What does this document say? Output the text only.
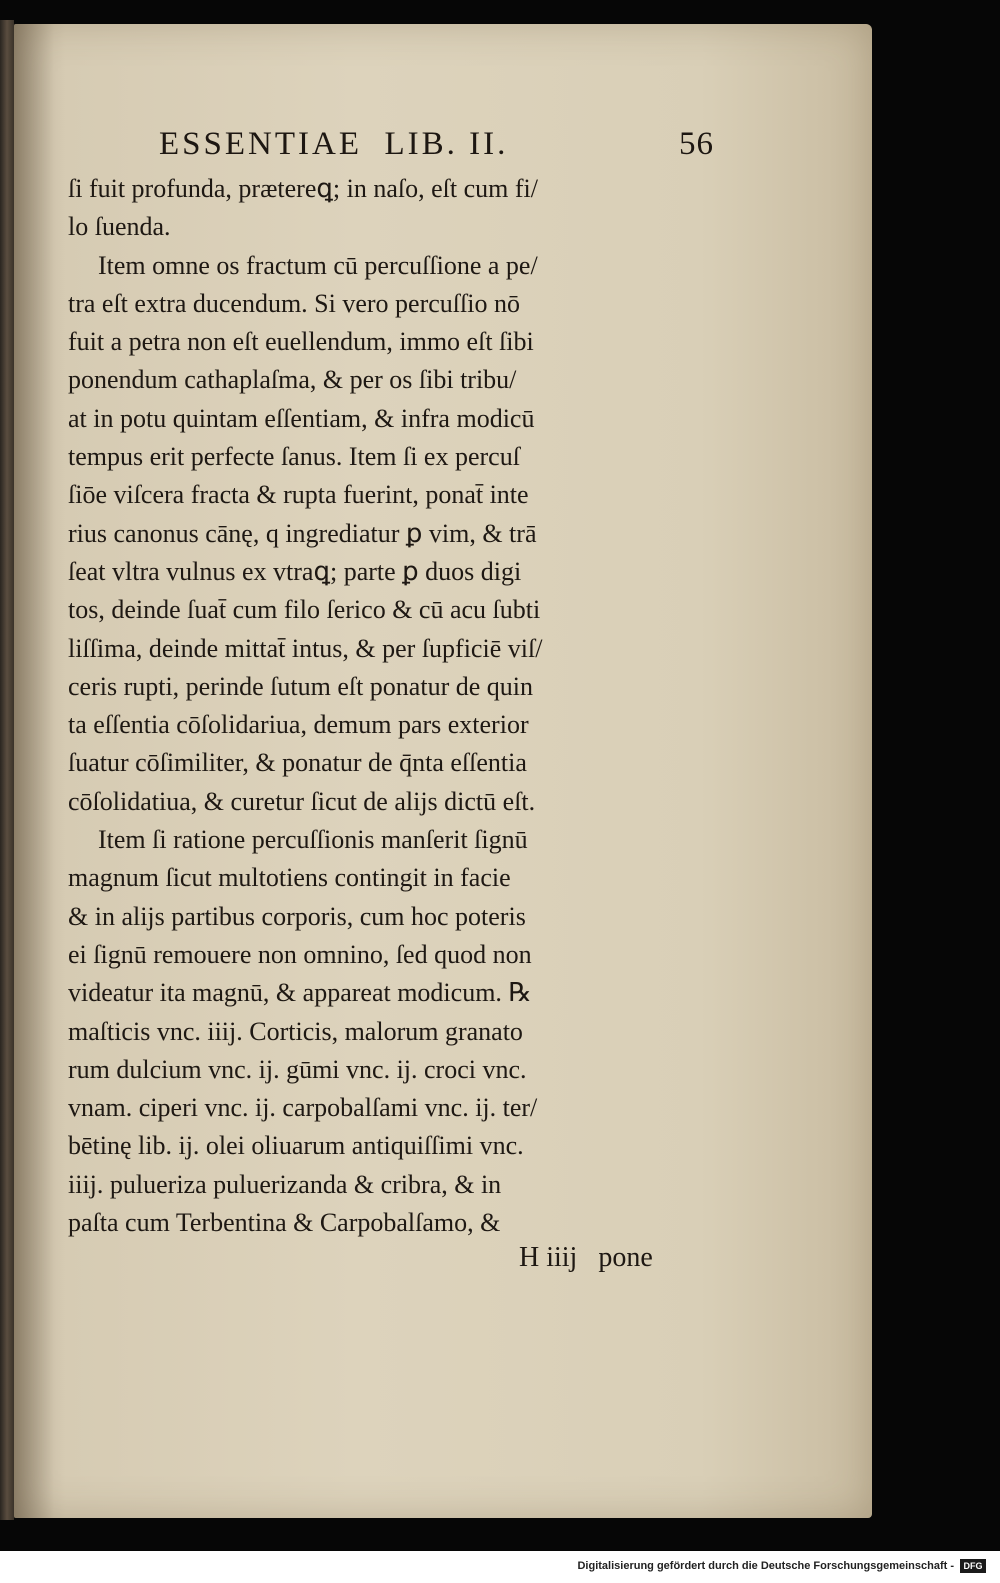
ESSENTIAE  LIB. II.	56
ſi fuit profunda, prætereꝗ; in naſo, eſt cum fi/
lo ſuenda.
Item omne os fractum cū percuſſione a pe/
tra eſt extra ducendum. Si vero percuſſio nō
fuit a petra non eſt euellendum, immo eſt ſibi
ponendum cathaplaſma, & per os ſibi tribu/
at in potu quintam eſſentiam, & infra modicū
tempus erit perfecte ſanus. Item ſi ex percuſ
ſiōe viſcera fracta & rupta fuerint, ponat̄ inte
rius canonus cānę, q ingrediatur ꝑ vim, & trā
ſeat vltra vulnus ex vtraꝗ; parte ꝑ duos digi
tos, deinde ſuat̄ cum filo ſerico & cū acu ſubti
liſſima, deinde mittat̄ intus, & per ſupficiē viſ/
ceris rupti, perinde ſutum eſt ponatur de quin
ta eſſentia cōſolidariua, demum pars exterior
ſuatur cōſimiliter, & ponatur de q̄nta eſſentia
cōſolidatiua, & curetur ſicut de alijs dictū eſt.
Item ſi ratione percuſſionis manſerit ſignū
magnum ſicut multotiens contingit in facie
& in alijs partibus corporis, cum hoc poteris
ei ſignū remouere non omnino, ſed quod non
videatur ita magnū, & appareat modicum. ℞
maſticis vnc. iiij. Corticis, malorum granato
rum dulcium vnc. ij. gūmi vnc. ij. croci vnc.
vnam. ciperi vnc. ij. carpobalſami vnc. ij. ter/
bētinę lib. ij. olei oliuarum antiquiſſimi vnc.
iiij. pulueriza puluerizanda & cribra, & in
paſta cum Terbentina & Carpobalſamo, &
H iiij   pone
Digitalisierung gefördert durch die Deutsche Forschungsgemeinschaft -	DFG
